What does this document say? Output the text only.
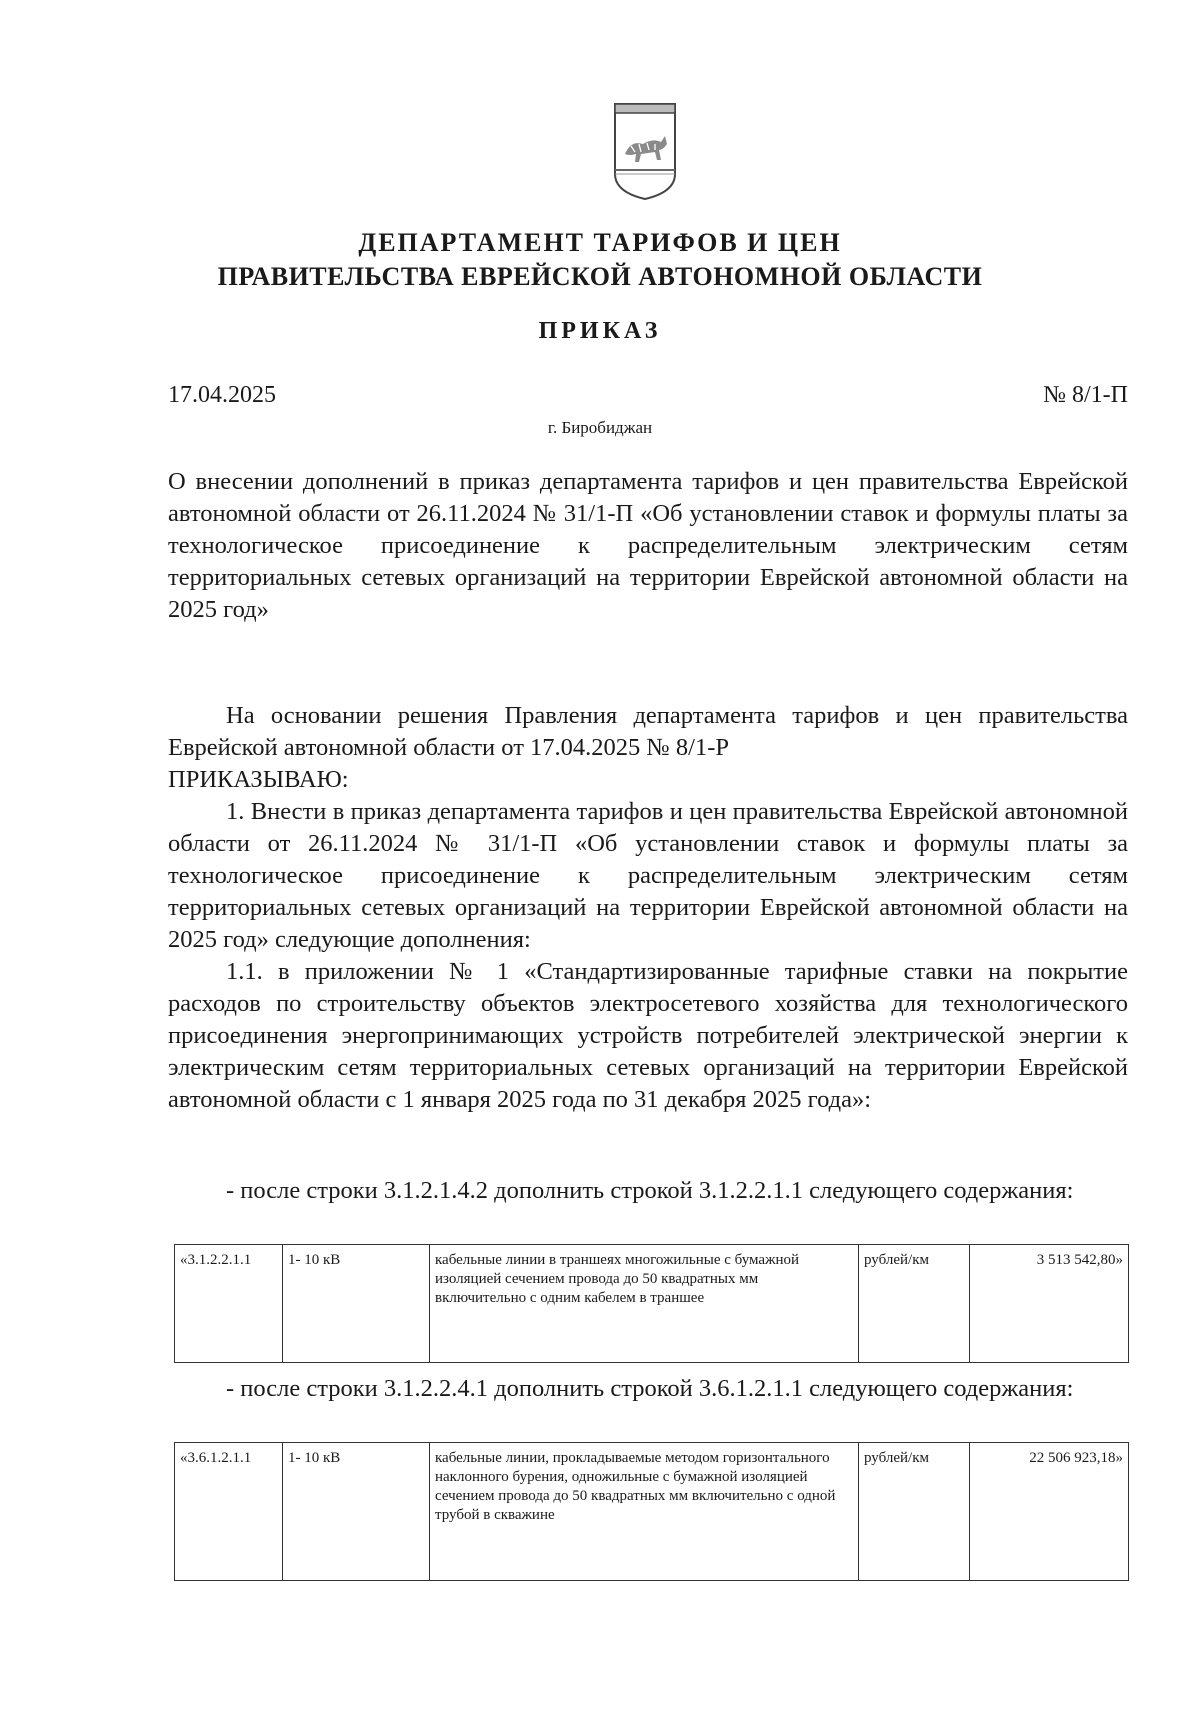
ДЕПАРТАМЕНТ ТАРИФОВ И ЦЕН
ПРАВИТЕЛЬСТВА ЕВРЕЙСКОЙ АВТОНОМНОЙ ОБЛАСТИ
ПРИКАЗ
17.04.2025	№ 8/1-П
г. Биробиджан
О внесении дополнений в приказ департамента тарифов и цен правительства Еврейской автономной области от 26.11.2024 № 31/1-П «Об установлении ставок и формулы платы за технологическое присоединение к распределительным электрическим сетям территориальных сетевых организаций на территории Еврейской автономной области на 2025 год»

На основании решения Правления департамента тарифов и цен правительства Еврейской автономной области от 17.04.2025 № 8/1-Р

ПРИКАЗЫВАЮ:

1. Внести в приказ департамента тарифов и цен правительства Еврейской автономной области от 26.11.2024 № 31/1-П «Об установлении ставок и формулы платы за технологическое присоединение к распределительным электрическим сетям территориальных сетевых организаций на территории Еврейской автономной области на 2025 год» следующие дополнения:

1.1. в приложении № 1 «Стандартизированные тарифные ставки на покрытие расходов по строительству объектов электросетевого хозяйства для технологического присоединения энергопринимающих устройств потребителей электрической энергии к электрическим сетям территориальных сетевых организаций на территории Еврейской автономной области с 1 января 2025 года по 31 декабря 2025 года»:

- после строки 3.1.2.1.4.2 дополнить строкой 3.1.2.2.1.1 следующего содержания:
«3.1.2.2.1.1	1- 10 кВ	кабельные линии в траншеях многожильные с бумажной изоляцией сечением провода до 50 квадратных мм включительно с одним кабелем в траншее	рублей/км	3 513 542,80»
- после строки 3.1.2.2.4.1 дополнить строкой 3.6.1.2.1.1 следующего содержания:
«3.6.1.2.1.1	1- 10 кВ	кабельные линии, прокладываемые методом горизонтального наклонного бурения, одножильные с бумажной изоляцией сечением провода до 50 квадратных мм включительно с одной трубой в скважине	рублей/км	22 506 923,18»
